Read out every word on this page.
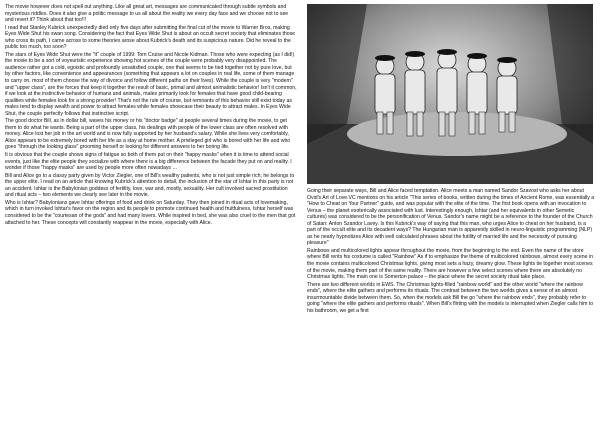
The movie however does not spell out anything. Like all great art, messages are communicated through subtle symbols and mysterious riddles. Does it also give a politic message to us all about the reality we every day face and we choose not to see and revert it? Think about that too!!!

I read that Stanley Kubrick unexpectedly died only five days after submitting the final cut of the movie to Warner Bros, making Eyes Wide Shut his swan song. Considering the fact that Eyes Wide Shut is about an occult secret society that eliminates those who cross its path, I came across to some theories arose about Kubrick's death and its suspicious nature. Did he reveal to the public too much, too soon?

The stars of Eyes Wide Shut were the "it" couple of 1999: Tom Cruise and Nicole Kidman. Those who were expecting (as I did!) the movie to be a sort of voyeuristic experience showing hot scenes of the couple were probably very disappointed. The audience rather got a cold, egoistic and profoundly unsatisfied couple, one that seems to be tied together not by pure love, but by other factors, like convenience and appearances (something that appears a lot on couples in real life, some of them manage to carry on, most of them choose the way of divorce and follow different paths on their lives). While the couple is very "modern" and "upper class", are the forces that keep it together the result of basic, primal and almost animalistic behavior! Isn't it common, if we look at the instinctive behavior of humans and animals, males primarily look for females that have good child-bearing qualities while females look for a strong provider! That's not the rule of course, but remnants of this behavior still exist today as males tend to display wealth and power to attract females while females showcase their beauty to attract males. In Eyes Wide Shut, the couple perfectly follows that instinctive script.

The good doctor Bill, as in dollar bill, waves his money or his "doctor badge" at people several times during the movie, to get them to do what he wants. Being a part of the upper class, his dealings with people of the lower class are often resolved with money. Alice lost her job in the art world and is now fully supported by her husband's salary. While she lives very comfortably, Alice appears to be extremely bored with her life as a stay at home mother. A privileged girl who is bored with her life and who goes "through the looking glass" grooming herself or looking for different answers to her boring life.

It is obvious that the couple shows signs of fatigue so both of them put on their "happy masks" when it is time to attend social events, just like the elite people they socialize with where there is a big difference between the facade they put on and reality. I wonder if those "happy masks" are used by people more often nowadays …

Bill and Alice go to a classy party given by Victor Ziegler, one of Bill's wealthy patients, who is not just simple rich; he belongs to the upper elite. I read on an article that knowing Kubrick's attention to detail, the inclusion of the star of Ishtar in this party is not an accident. Ishtar is the Babylonian goddess of fertility, love, war and, mostly, sexuality. Her cult involved sacred prostitution and ritual acts – two elements we clearly see later in the movie.

Who is Ishtar? Babylonians gave Ishtar offerings of food and drink on Saturday. They then joined in ritual acts of lovemaking, which in turn invoked Ishtar's favor on the region and its people to promote continued health and fruitfulness. Ishtar herself was considered to be the "courtesan of the gods" and had many lovers. While inspired in bed, she was also cruel to the men that got attached to her. These concepts will constantly reappear in the movie, especially with Alice.

Going their separate ways, Bill and Alice faced temptation. Alice meets a man named Sandor Szavost who asks her about Ovid's Art of Love.VC mentions on his article "This series of books, written during the times of Ancient Rome, was essentially a "How to Cheat on Your Partner" guide, and was popular with the elite of the time. The first book opens with an invocation to Venus – the planet esoterically associated with lust. Interestingly enough, Ishtar (and her equivalents in other Semetic cultures) was considered to be the personification of Venus. Sandor's name might be a reference to the founder of the Church of Satan: Anton Szandor Lavey. Is this Kubrick's way of saying that this man, who urges Alice to cheat on her husband, is a part of the occult elite and its decadent ways? The Hungarian man is apparently skilled in neuro-linguistic programming (NLP) as he nearly hypnotizes Alice with well calculated phrases about the futility of married life and the necessity of pursuing pleasure"

Rainbows and multicolored lights appear throughout the movie, from the beginning to the end. Even the name of the store where Bill rents his costume is called "Rainbow" As if to emphasize the theme of multicolored rainbows, almost every scene in the movie contains multicolored Christmas lights, giving most sets a hazy, dreamy glow. These lights tie together most scenes of the movie, making them part of the same reality. There are however a few select scenes where there are absolutely no Christmas lights. The main one is Somerton palace – the place where the secret society ritual take place.

There are two different worlds in EWS. The Christmas lights-filled "rainbow world" and the other world "where the rainbow ends", where the elite gathers and performs its rituals. The contrast between the two worlds gives a sense of an almost insurmountable divide between them. So, when the models ask Bill the go "where the rainbow ends", they probably refer to going "where the elite gathers and performs rituals". When Bill's flirting with the models is interrupted when Ziegler calls him to his bathroom, we get a first
